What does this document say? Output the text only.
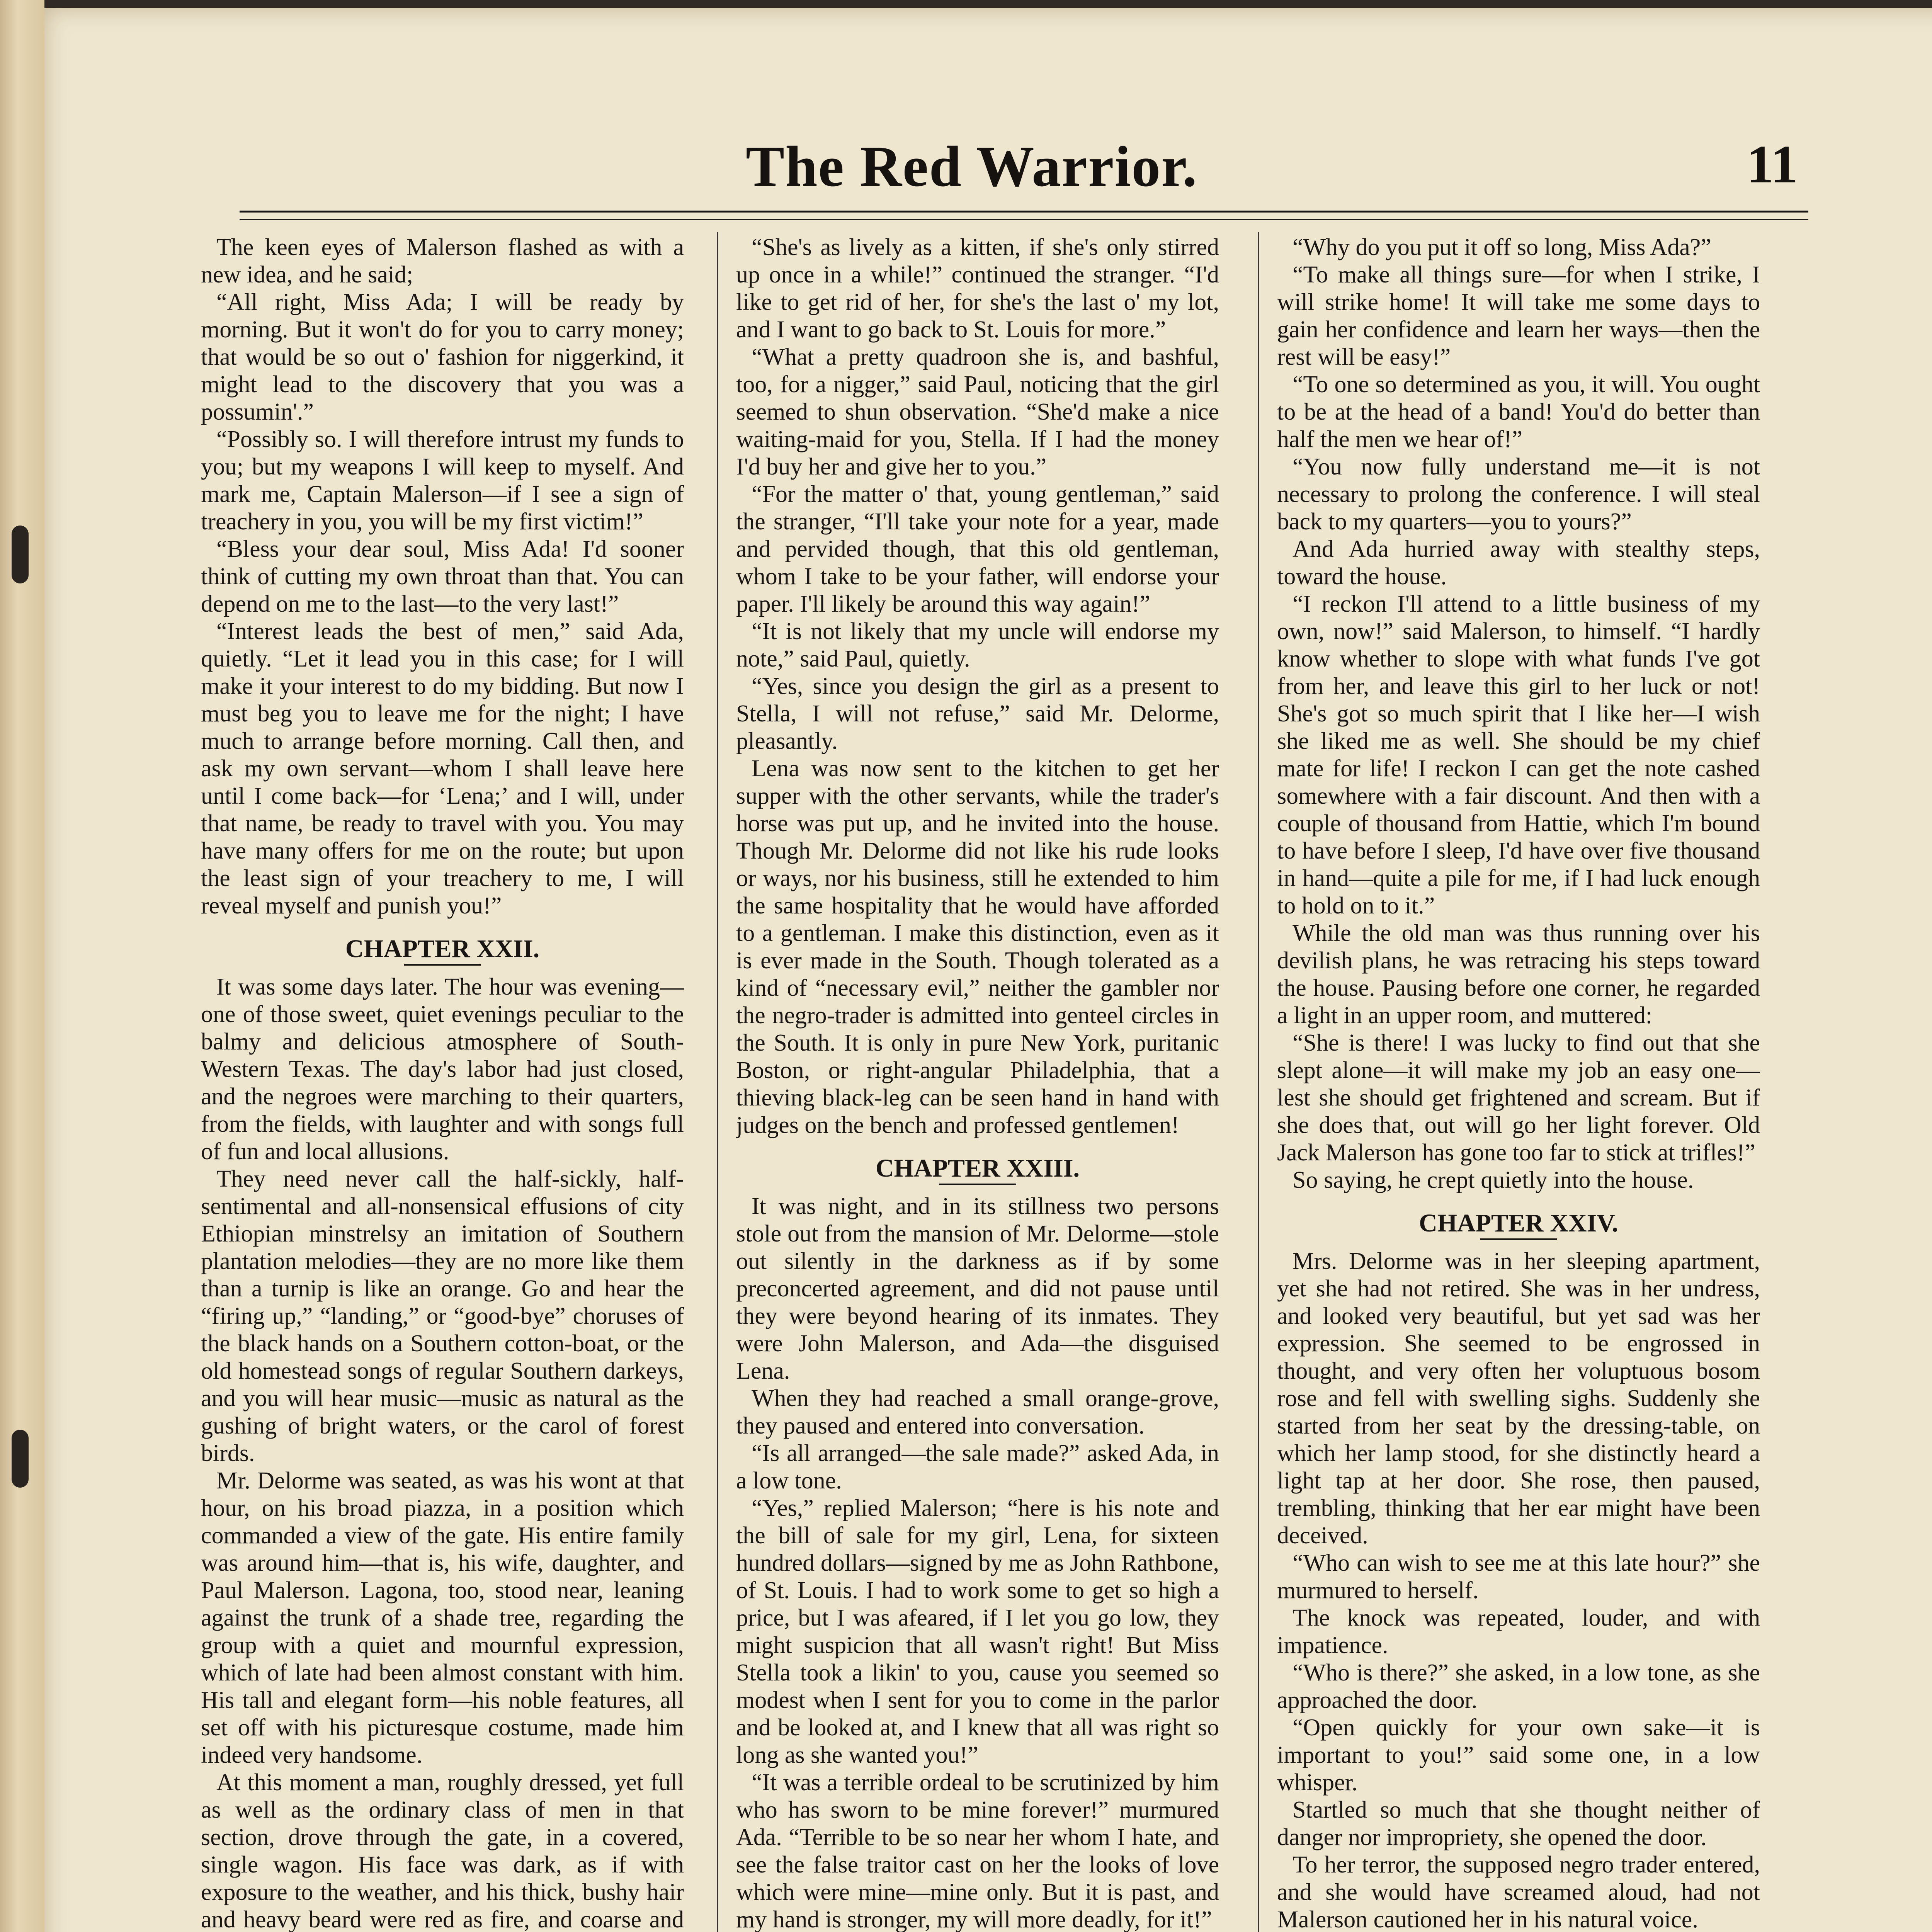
The Red Warrior.	11

The keen eyes of Malerson flashed as with a new idea, and he said;

“All right, Miss Ada; I will be ready by morning. But it won't do for you to carry money; that would be so out o' fashion for niggerkind, it might lead to the discovery that you was a possumin'.”

“Possibly so. I will therefore intrust my funds to you; but my weapons I will keep to myself. And mark me, Captain Malerson—if I see a sign of treachery in you, you will be my first victim!”

“Bless your dear soul, Miss Ada! I'd sooner think of cutting my own throat than that. You can depend on me to the last—to the very last!”

“Interest leads the best of men,” said Ada, quietly. “Let it lead you in this case; for I will make it your interest to do my bidding. But now I must beg you to leave me for the night; I have much to arrange before morning. Call then, and ask my own servant—whom I shall leave here until I come back—for ‘Lena;’ and I will, under that name, be ready to travel with you. You may have many offers for me on the route; but upon the least sign of your treachery to me, I will reveal myself and punish you!”

CHAPTER XXII.

It was some days later. The hour was evening—one of those sweet, quiet evenings peculiar to the balmy and delicious atmosphere of South-Western Texas. The day's labor had just closed, and the negroes were marching to their quarters, from the fields, with laughter and with songs full of fun and local allusions.

They need never call the half-sickly, half-sentimental and all-nonsensical effusions of city Ethiopian minstrelsy an imitation of Southern plantation melodies—they are no more like them than a turnip is like an orange. Go and hear the “firing up,” “landing,” or “good-bye” choruses of the black hands on a Southern cotton-boat, or the old homestead songs of regular Southern darkeys, and you will hear music—music as natural as the gushing of bright waters, or the carol of forest birds.

Mr. Delorme was seated, as was his wont at that hour, on his broad piazza, in a position which commanded a view of the gate. His entire family was around him—that is, his wife, daughter, and Paul Malerson. Lagona, too, stood near, leaning against the trunk of a shade tree, regarding the group with a quiet and mournful expression, which of late had been almost constant with him. His tall and elegant form—his noble features, all set off with his picturesque costume, made him indeed very handsome.

At this moment a man, roughly dressed, yet full as well as the ordinary class of men in that section, drove through the gate, in a covered, single wagon. His face was dark, as if with exposure to the weather, and his thick, bushy hair and heavy beard were red as fire, and coarse and

“She's as lively as a kitten, if she's only stirred up once in a while!” continued the stranger. “I'd like to get rid of her, for she's the last o' my lot, and I want to go back to St. Louis for more.”

“What a pretty quadroon she is, and bashful, too, for a nigger,” said Paul, noticing that the girl seemed to shun observation. “She'd make a nice waiting-maid for you, Stella. If I had the money I'd buy her and give her to you.”

“For the matter o' that, young gentleman,” said the stranger, “I'll take your note for a year, made and pervided though, that this old gentleman, whom I take to be your father, will endorse your paper. I'll likely be around this way again!”

“It is not likely that my uncle will endorse my note,” said Paul, quietly.

“Yes, since you design the girl as a present to Stella, I will not refuse,” said Mr. Delorme, pleasantly.

Lena was now sent to the kitchen to get her supper with the other servants, while the trader's horse was put up, and he invited into the house. Though Mr. Delorme did not like his rude looks or ways, nor his business, still he extended to him the same hospitality that he would have afforded to a gentleman. I make this distinction, even as it is ever made in the South. Though tolerated as a kind of “necessary evil,” neither the gambler nor the negro-trader is admitted into genteel circles in the South. It is only in pure New York, puritanic Boston, or right-angular Philadelphia, that a thieving black-leg can be seen hand in hand with judges on the bench and professed gentlemen!

CHAPTER XXIII.

It was night, and in its stillness two persons stole out from the mansion of Mr. Delorme—stole out silently in the darkness as if by some preconcerted agreement, and did not pause until they were beyond hearing of its inmates. They were John Malerson, and Ada—the disguised Lena.

When they had reached a small orange-grove, they paused and entered into conversation.

“Is all arranged—the sale made?” asked Ada, in a low tone.

“Yes,” replied Malerson; “here is his note and the bill of sale for my girl, Lena, for sixteen hundred dollars—signed by me as John Rathbone, of St. Louis. I had to work some to get so high a price, but I was afeared, if I let you go low, they might suspicion that all wasn't right! But Miss Stella took a likin' to you, cause you seemed so modest when I sent for you to come in the parlor and be looked at, and I knew that all was right so long as she wanted you!”

“It was a terrible ordeal to be scrutinized by him who has sworn to be mine forever!” murmured Ada. “Terrible to be so near her whom I hate, and see the false traitor cast on her the looks of love which were mine—mine only. But it is past, and my hand is stronger, my will more deadly, for it!”

“Why do you put it off so long, Miss Ada?”

“To make all things sure—for when I strike, I will strike home! It will take me some days to gain her confidence and learn her ways—then the rest will be easy!”

“To one so determined as you, it will. You ought to be at the head of a band! You'd do better than half the men we hear of!”

“You now fully understand me—it is not necessary to prolong the conference. I will steal back to my quarters—you to yours?”

And Ada hurried away with stealthy steps, toward the house.

“I reckon I'll attend to a little business of my own, now!” said Malerson, to himself. “I hardly know whether to slope with what funds I've got from her, and leave this girl to her luck or not! She's got so much spirit that I like her—I wish she liked me as well. She should be my chief mate for life! I reckon I can get the note cashed somewhere with a fair discount. And then with a couple of thousand from Hattie, which I'm bound to have before I sleep, I'd have over five thousand in hand—quite a pile for me, if I had luck enough to hold on to it.”

While the old man was thus running over his devilish plans, he was retracing his steps toward the house. Pausing before one corner, he regarded a light in an upper room, and muttered:

“She is there! I was lucky to find out that she slept alone—it will make my job an easy one—lest she should get frightened and scream. But if she does that, out will go her light forever. Old Jack Malerson has gone too far to stick at trifles!”

So saying, he crept quietly into the house.

CHAPTER XXIV.

Mrs. Delorme was in her sleeping apartment, yet she had not retired. She was in her undress, and looked very beautiful, but yet sad was her expression. She seemed to be engrossed in thought, and very often her voluptuous bosom rose and fell with swelling sighs. Suddenly she started from her seat by the dressing-table, on which her lamp stood, for she distinctly heard a light tap at her door. She rose, then paused, trembling, thinking that her ear might have been deceived.

“Who can wish to see me at this late hour?” she murmured to herself.

The knock was repeated, louder, and with impatience.

“Who is there?” she asked, in a low tone, as she approached the door.

“Open quickly for your own sake—it is important to you!” said some one, in a low whisper.

Startled so much that she thought neither of danger nor impropriety, she opened the door.

To her terror, the supposed negro trader entered, and she would have screamed aloud, had not Malerson cautioned her in his natural voice.
